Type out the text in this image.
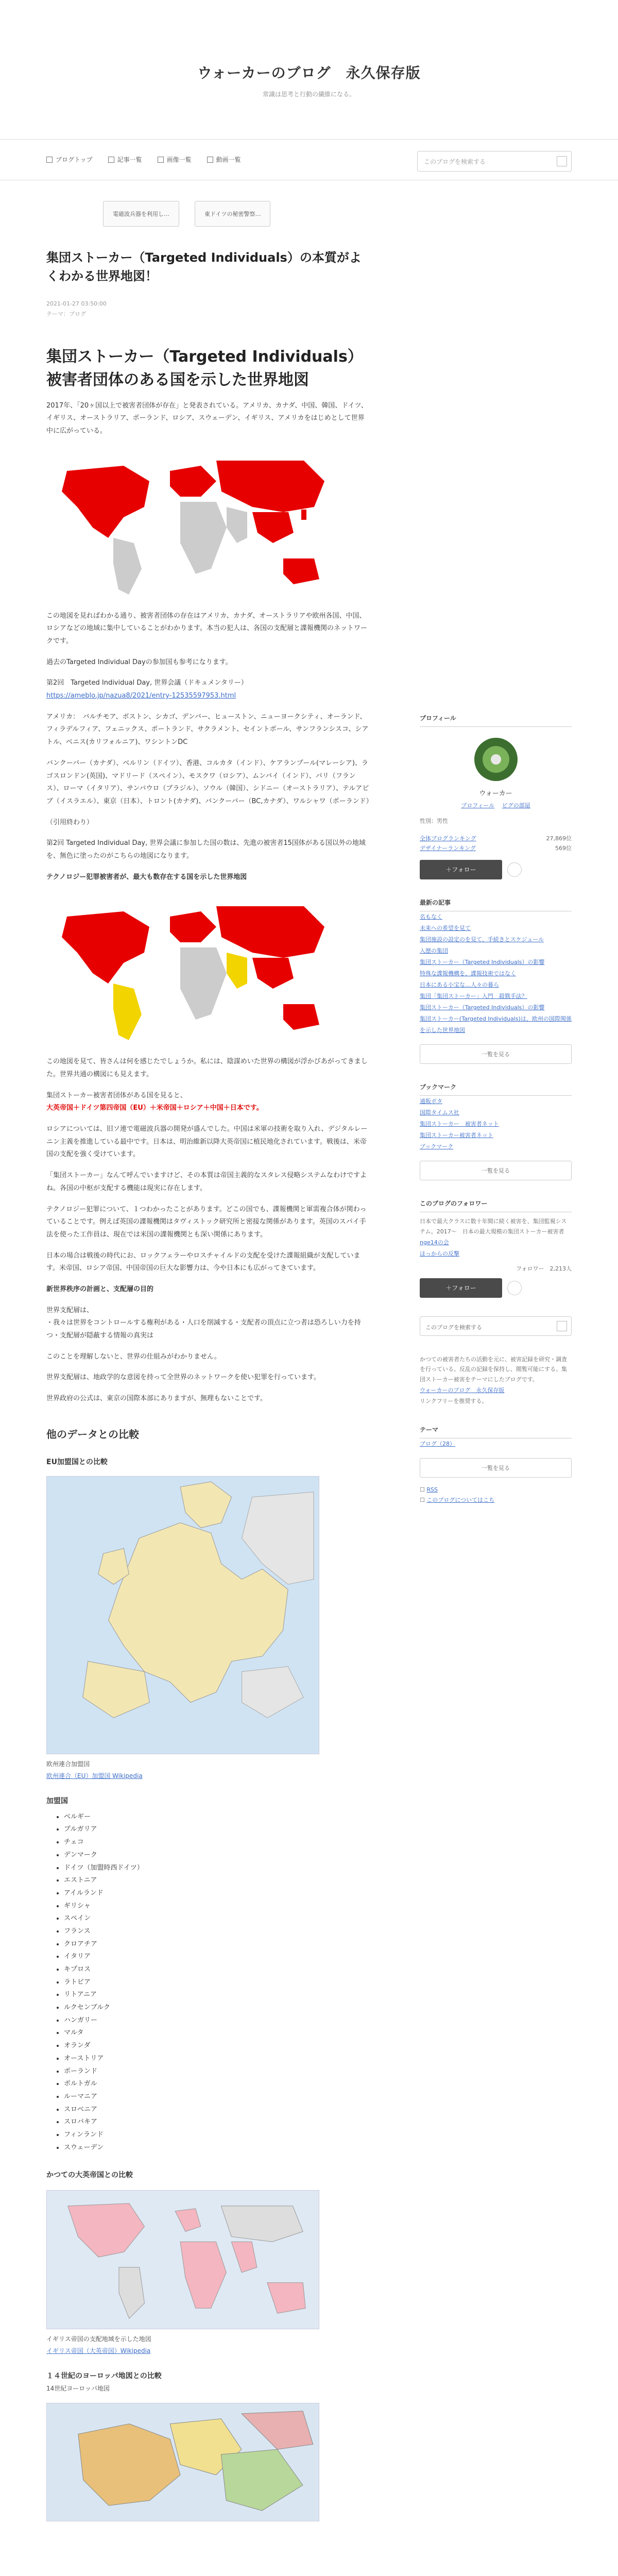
ウォーカーのブログ　永久保存版
常識は思考と行動の繊維になる。
ブログトップ	記事一覧	画像一覧	動画一覧	このブログを検索する
電磁波兵器を利用し…	東ドイツの秘密警察…
集団ストーカー（Targeted Individuals）の本質がよくわかる世界地図！
2021-01-27 03:50:00
テーマ：ブログ
集団ストーカー（Targeted Individuals）被害者団体のある国を示した世界地図

2017年、「20ヶ国以上で被害者団体が存在」と発表されている。アメリカ、カナダ、中国、韓国、ドイツ、イギリス、オーストラリア、ポーランド、ロシア、スウェーデン、イギリス、アメリカをはじめとして世界中に広がっている。

この地図を見ればわかる通り、被害者団体の存在はアメリカ、カナダ、オーストラリアや欧州各国、中国、ロシアなどの地域に集中していることがわかります。本当の犯人は、各国の支配層と諜報機関のネットワークです。

過去のTargeted Individual Dayの参加国も参考になります。

第2回　Targeted Individual Day, 世界会議（ドキュメンタリー）
https://ameblo.jp/nazua8/2021/entry-12535597953.html

アメリカ：　バルチモア、ボストン、シカゴ、デンバー、ヒューストン、ニューヨークシティ、オーランド、フィラデルフィア、フェニックス、ポートランド、サクラメント、セイントポール、サンフランシスコ、シアトル、ベニス(カリフォルニア)、ワシントンDC

バンクーバー（カナダ）、ベルリン（ドイツ）、香港、コルカタ（インド）、ケアランプール(マレーシア)、ラゴスロンドン(英国)、マドリード（スペイン）、モスクワ（ロシア）、ムンバイ（インド）、パリ（フランス）、ローマ（イタリア）、サンパウロ（ブラジル）、ソウル（韓国）、シドニー（オーストラリア）、テルアビブ（イスラエル）、東京（日本）、トロント(カナダ)、バンクーバー（BC,カナダ）、ワルシャワ（ポーランド）

（引用終わり）

第2回 Targeted Individual Day, 世界会議に参加した国の数は、先進の被害者15国体がある国以外の地域を、無色に塗ったのがこちらの地図になります。

テクノロジー犯罪被害者が、最大も数存在する国を示した世界地図

この地図を見て、皆さんは何を感じたでしょうか。私には、陰謀めいた世界の構図が浮かびあがってきました。世界共通の構図にも見えます。

集団ストーカー被害者団体がある国を見ると、
大英帝国＋ドイツ第四帝国（EU）＋米帝国＋ロシア＋中国＋日本です。

ロシアについては、旧ソ連で電磁波兵器の開発が盛んでした。中国は米軍の技術を取り入れ、デジタルレーニン主義を推進している最中です。日本は、明治維新以降大英帝国に植民地化されています。戦後は、米帝国の支配を強く受けています。

「集団ストーカー」なんて呼んでいますけど、その本質は帝国主義的なスタレス侵略システムなわけですよね。各国の中枢が支配する機能は現実に存在します。

テクノロジー犯罪について、１つわかったことがあります。どこの国でも、諜報機関と軍需複合体が関わっていることです。例えば英国の諜報機関はタヴィストック研究所と密接な関係があります。英国のスパイ手法を使った工作員は、現在では米国の諜報機関とも深い関係にあります。

日本の場合は戦後の時代にお、ロックフェラーやロスチャイルドの支配を受けた諜報組織が支配しています。米帝国、ロシア帝国、中国帝国の巨大な影響力は、今や日本にも広がってきています。

新世界秩序の計画と、支配層の目的

世界支配層は、
・我々は世界をコントロールする権利がある・人口を削減する・支配者の頂点に立つ者は恐ろしい力を持つ・支配層が隠蔽する情報の真実は

このことを理解しないと、世界の仕組みがわかりません。

世界支配層は、地政学的な意図を持って全世界のネットワークを使い犯罪を行っています。

世界政府の公式は、東京の国際本部にありますが、無理もないことです。

他のデータとの比較
EU加盟国との比較
欧州連合加盟国
欧州連合（EU）加盟国 Wikipedia
加盟国
• ベルギー
• ブルガリア
• チェコ
• デンマーク
• ドイツ（加盟時西ドイツ）
• エストニア
• アイルランド
• ギリシャ
• スペイン
• フランス
• クロアチア
• イタリア
• キプロス
• ラトビア
• リトアニア
• ルクセンブルク
• ハンガリー
• マルタ
• オランダ
• オーストリア
• ポーランド
• ポルトガル
• ルーマニア
• スロベニア
• スロバキア
• フィンランド
• スウェーデン
かつての大英帝国との比較
イギリス帝国の支配地域を示した地図
イギリス帝国（大英帝国）Wikipedia
１４世紀のヨーロッパ地図との比較
14世紀ヨーロッパ地図
プロフィール
ウォーカー
プロフィール　 ピグの部屋
性別：男性
全体ブログランキング	27,869位
デザイナーランキング	569位
＋フォロー
最新の記事
名もなく
未来への希望を見て
集団施設の設定のを見て、手続きとスケジュール
入歴の集団
集団ストーカー（Targeted Individuals）の影響
特殊な諜報機構を、諜報技術ではなく
日本にある小宝な…人々の暮ら
集団「集団ストーカー」入門　殺戮手法？
集団ストーカー（Targeted Individuals）の影響
集団ストーカー(Targeted Individuals)は、欧州の国際関係を示した世界地図
一覧を見る
ブックマーク
通販ボタ
国際タイムス社
集団ストーカー　被害者ネット
集団ストーカー被害者ネット
ブックマーク
一覧を見る
このブログのフォロワー
日本で最大クラスに数十年間に続く被害を、集団監視システム。2017～　日本の最大規模の集団ストーカー被害者
nge14の会
ほっからの反撃
フォロワー　2,213人
＋フォロー
このブログを検索する
かつての被害者たちの活動を元に、被害記録を研究・調査を行っている。反乱の記録を保持し、閲覧可能にする。集団ストーカー被害をテーマにしたブログです。
ウォーカーのブログ　永久保存版
リンクフリーを推奨する。
テーマ
ブログ（28）
一覧を見る
☐ RSS
☐ このブログについてはこち
